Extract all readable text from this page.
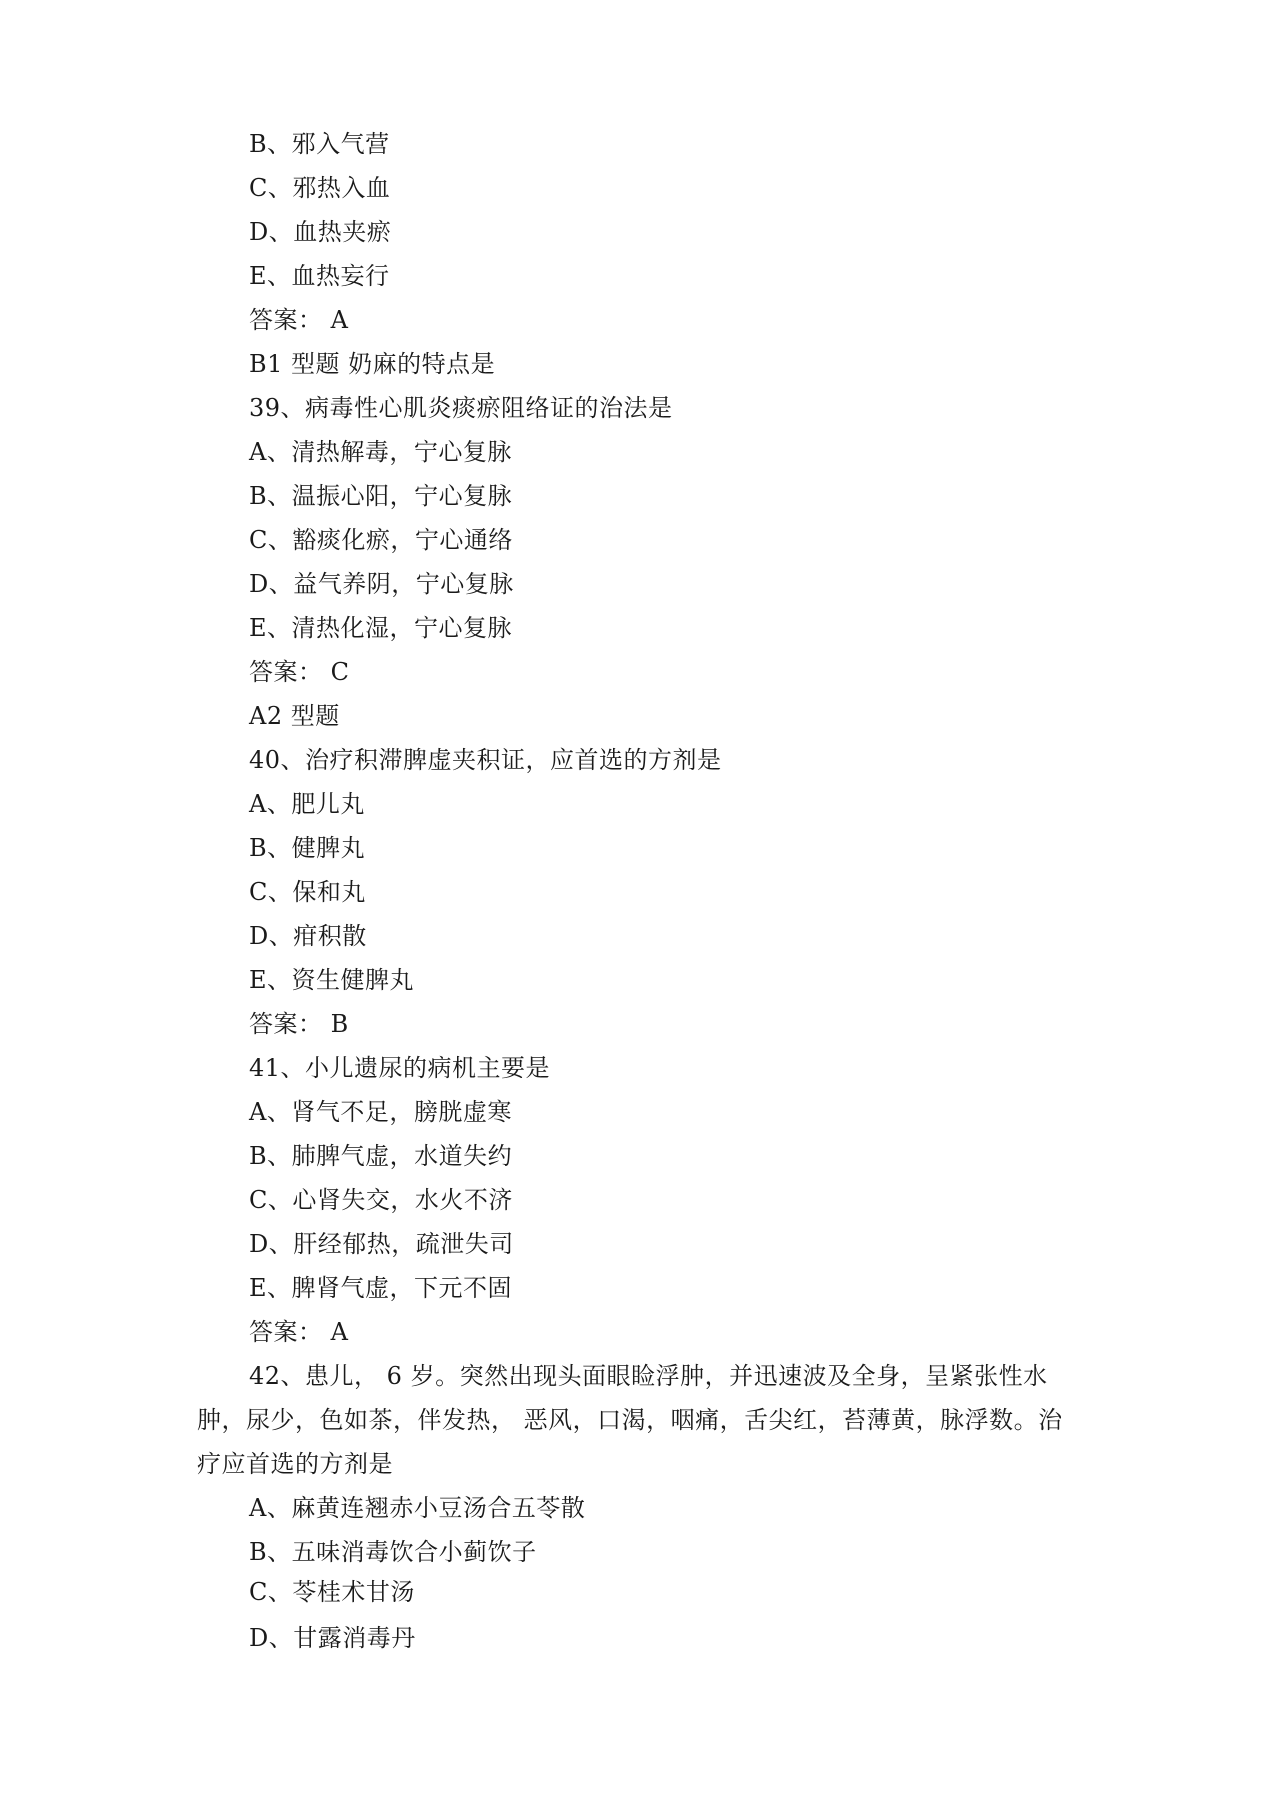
B、邪入气营
C、邪热入血
D、血热夹瘀
E、血热妄行
答案： A
B1 型题 奶麻的特点是
39、病毒性心肌炎痰瘀阻络证的治法是
A、清热解毒，宁心复脉
B、温振心阳，宁心复脉
C、豁痰化瘀，宁心通络
D、益气养阴，宁心复脉
E、清热化湿，宁心复脉
答案： C
A2 型题
40、治疗积滞脾虚夹积证，应首选的方剂是
A、肥儿丸
B、健脾丸
C、保和丸
D、疳积散
E、资生健脾丸
答案： B
41、小儿遗尿的病机主要是
A、肾气不足，膀胱虚寒
B、肺脾气虚，水道失约
C、心肾失交，水火不济
D、肝经郁热，疏泄失司
E、脾肾气虚，下元不固
答案： A
42、患儿， 6 岁。突然出现头面眼睑浮肿，并迅速波及全身，呈紧张性水肿，尿少，色如茶，伴发热， 恶风，口渴，咽痛，舌尖红，苔薄黄，脉浮数。治疗应首选的方剂是
A、麻黄连翘赤小豆汤合五苓散
B、五味消毒饮合小蓟饮子
C、苓桂术甘汤
D、甘露消毒丹
